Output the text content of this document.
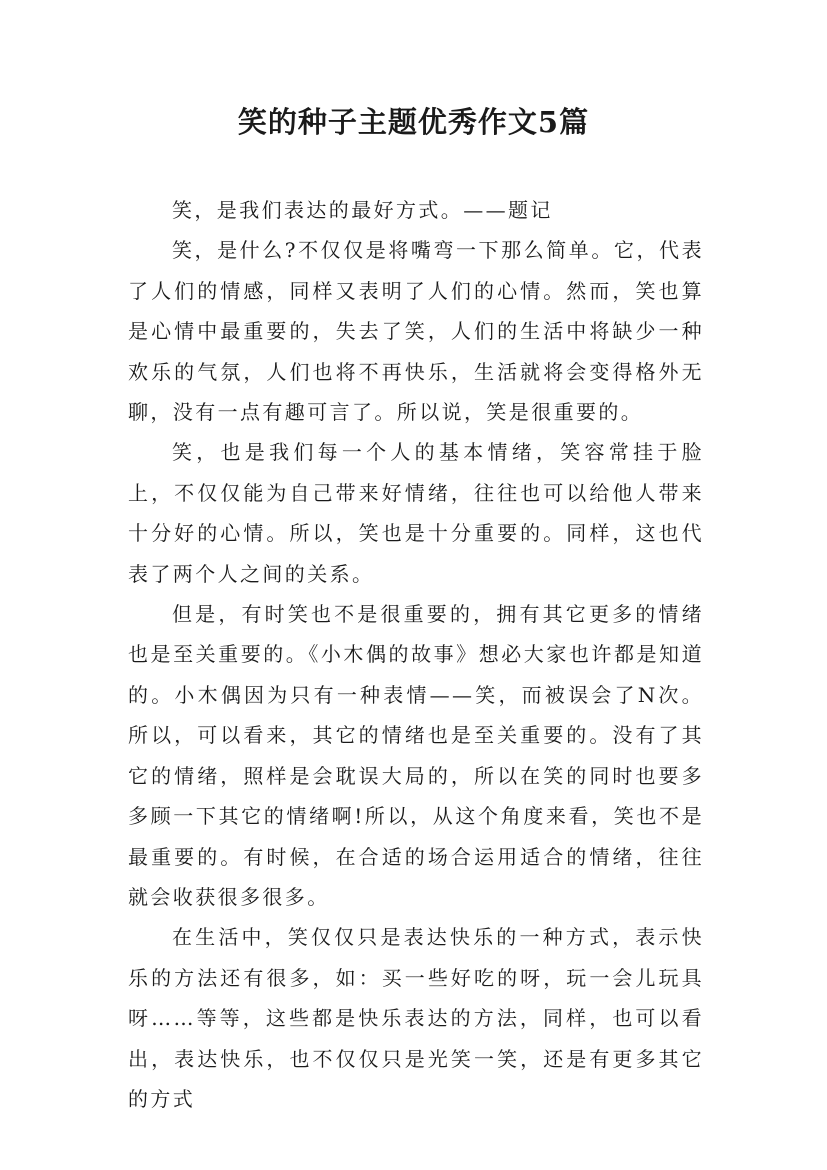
笑的种子主题优秀作文5篇

笑，是我们表达的最好方式。——题记

笑，是什么?不仅仅是将嘴弯一下那么简单。它，代表了人们的情感，同样又表明了人们的心情。然而，笑也算是心情中最重要的，失去了笑，人们的生活中将缺少一种欢乐的气氛，人们也将不再快乐，生活就将会变得格外无聊，没有一点有趣可言了。所以说，笑是很重要的。

笑，也是我们每一个人的基本情绪，笑容常挂于脸上，不仅仅能为自己带来好情绪，往往也可以给他人带来十分好的心情。所以，笑也是十分重要的。同样，这也代表了两个人之间的关系。

但是，有时笑也不是很重要的，拥有其它更多的情绪也是至关重要的。《小木偶的故事》想必大家也许都是知道的。小木偶因为只有一种表情——笑，而被误会了N次。所以，可以看来，其它的情绪也是至关重要的。没有了其它的情绪，照样是会耽误大局的，所以在笑的同时也要多多顾一下其它的情绪啊!所以，从这个角度来看，笑也不是最重要的。有时候，在合适的场合运用适合的情绪，往往就会收获很多很多。

在生活中，笑仅仅只是表达快乐的一种方式，表示快乐的方法还有很多，如：买一些好吃的呀，玩一会儿玩具呀……等等，这些都是快乐表达的方法，同样，也可以看出，表达快乐，也不仅仅只是光笑一笑，还是有更多其它的方式
